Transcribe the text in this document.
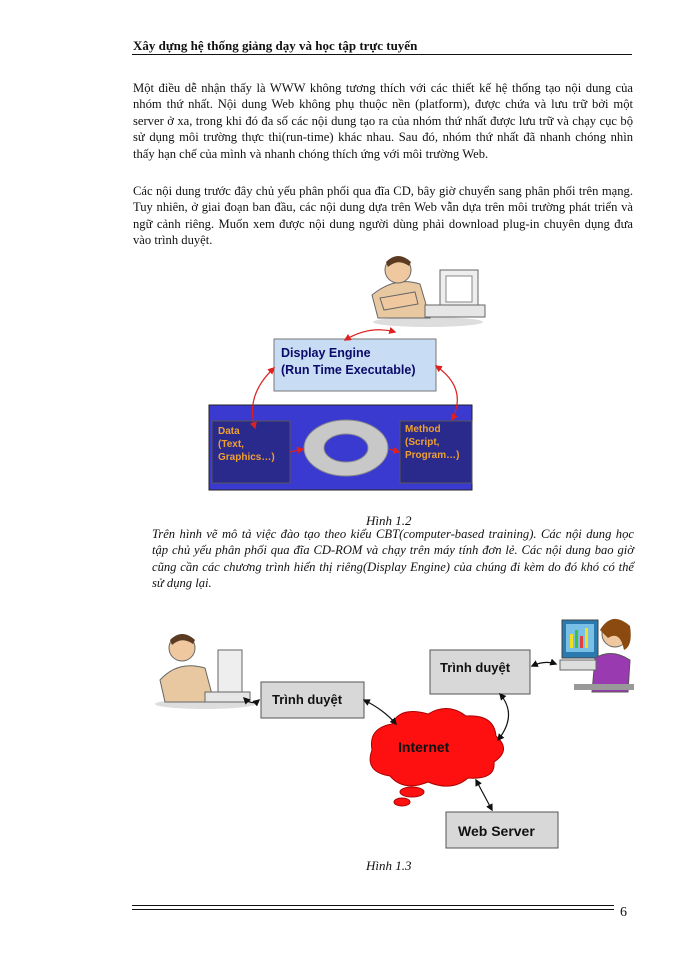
Xây dựng hệ thống giảng dạy và học tập trực tuyến

Một điều dễ nhận thấy là WWW không tương thích với các thiết kế hệ thống tạo nội dung của nhóm thứ nhất. Nội dung Web không phụ thuộc nền (platform), được chứa và lưu trữ bởi một server ở xa, trong khi đó đa số các nội dung tạo ra của nhóm thứ nhất được lưu trữ và chạy cục bộ sử dụng môi trường thực thi(run-time) khác nhau. Sau đó, nhóm thứ nhất đã nhanh chóng nhìn thấy hạn chế của mình và nhanh chóng thích ứng với môi trường Web.

Các nội dung trước đây chủ yếu phân phối qua đĩa CD, bây giờ chuyển sang phân phối trên mạng. Tuy nhiên, ở giai đoạn ban đầu, các nội dung dựa trên Web vẫn dựa trên môi trường phát triển và ngữ cảnh riêng. Muốn xem được nội dung người dùng phải download plug-in chuyên dụng đưa vào trình duyệt.

Display Engine
(Run Time Executable)
Data
(Text,
Graphics…)
Method
(Script,
Program…)
Hình 1.2

Trên hình vẽ mô tả việc đào tạo theo kiểu CBT(computer-based training). Các nội dung học tập chủ yếu phân phối qua đĩa CD-ROM và chạy trên máy tính đơn lẻ. Các nội dung bao giờ cũng cần các chương trình hiển thị riêng(Display Engine) của chúng đi kèm do đó khó có thể sử dụng lại.

Trình duyệt
Trình duyệt
Internet
Web Server
Hình 1.3
6
